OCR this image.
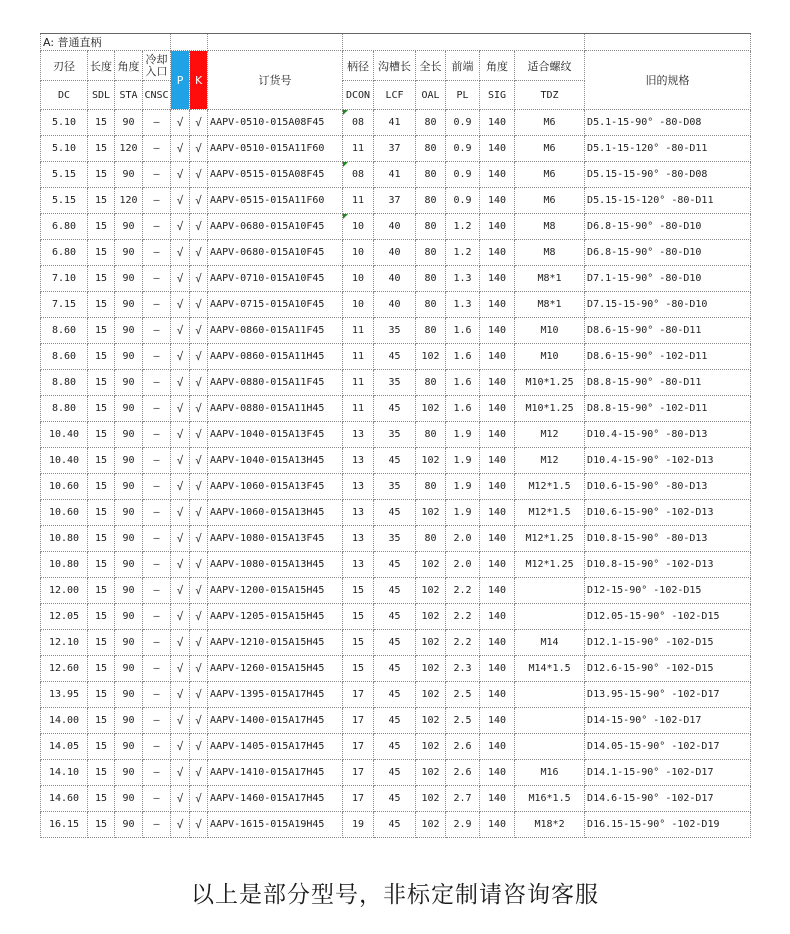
A: 普通直柄													
刃径	长度	角度	冷却入口	P	K	订货号	柄径	沟槽长	全长	前端	角度	适合螺纹	旧的规格
DC	SDL	STA	CNSC				DCON	LCF	OAL	PL	SIG	TDZ	
5.10	15	90	–	√	√	AAPV-0510-015A08F45	08	41	80	0.9	140	M6	D5.1-15-90° -80-D08
5.10	15	120	–	√	√	AAPV-0510-015A11F60	11	37	80	0.9	140	M6	D5.1-15-120° -80-D11
5.15	15	90	–	√	√	AAPV-0515-015A08F45	08	41	80	0.9	140	M6	D5.15-15-90° -80-D08
5.15	15	120	–	√	√	AAPV-0515-015A11F60	11	37	80	0.9	140	M6	D5.15-15-120° -80-D11
6.80	15	90	–	√	√	AAPV-0680-015A10F45	10	40	80	1.2	140	M8	D6.8-15-90° -80-D10
6.80	15	90	–	√	√	AAPV-0680-015A10F45	10	40	80	1.2	140	M8	D6.8-15-90° -80-D10
7.10	15	90	–	√	√	AAPV-0710-015A10F45	10	40	80	1.3	140	M8*1	D7.1-15-90° -80-D10
7.15	15	90	–	√	√	AAPV-0715-015A10F45	10	40	80	1.3	140	M8*1	D7.15-15-90° -80-D10
8.60	15	90	–	√	√	AAPV-0860-015A11F45	11	35	80	1.6	140	M10	D8.6-15-90° -80-D11
8.60	15	90	–	√	√	AAPV-0860-015A11H45	11	45	102	1.6	140	M10	D8.6-15-90° -102-D11
8.80	15	90	–	√	√	AAPV-0880-015A11F45	11	35	80	1.6	140	M10*1.25	D8.8-15-90° -80-D11
8.80	15	90	–	√	√	AAPV-0880-015A11H45	11	45	102	1.6	140	M10*1.25	D8.8-15-90° -102-D11
10.40	15	90	–	√	√	AAPV-1040-015A13F45	13	35	80	1.9	140	M12	D10.4-15-90° -80-D13
10.40	15	90	–	√	√	AAPV-1040-015A13H45	13	45	102	1.9	140	M12	D10.4-15-90° -102-D13
10.60	15	90	–	√	√	AAPV-1060-015A13F45	13	35	80	1.9	140	M12*1.5	D10.6-15-90° -80-D13
10.60	15	90	–	√	√	AAPV-1060-015A13H45	13	45	102	1.9	140	M12*1.5	D10.6-15-90° -102-D13
10.80	15	90	–	√	√	AAPV-1080-015A13F45	13	35	80	2.0	140	M12*1.25	D10.8-15-90° -80-D13
10.80	15	90	–	√	√	AAPV-1080-015A13H45	13	45	102	2.0	140	M12*1.25	D10.8-15-90° -102-D13
12.00	15	90	–	√	√	AAPV-1200-015A15H45	15	45	102	2.2	140		D12-15-90° -102-D15
12.05	15	90	–	√	√	AAPV-1205-015A15H45	15	45	102	2.2	140		D12.05-15-90° -102-D15
12.10	15	90	–	√	√	AAPV-1210-015A15H45	15	45	102	2.2	140	M14	D12.1-15-90° -102-D15
12.60	15	90	–	√	√	AAPV-1260-015A15H45	15	45	102	2.3	140	M14*1.5	D12.6-15-90° -102-D15
13.95	15	90	–	√	√	AAPV-1395-015A17H45	17	45	102	2.5	140		D13.95-15-90° -102-D17
14.00	15	90	–	√	√	AAPV-1400-015A17H45	17	45	102	2.5	140		D14-15-90° -102-D17
14.05	15	90	–	√	√	AAPV-1405-015A17H45	17	45	102	2.6	140		D14.05-15-90° -102-D17
14.10	15	90	–	√	√	AAPV-1410-015A17H45	17	45	102	2.6	140	M16	D14.1-15-90° -102-D17
14.60	15	90	–	√	√	AAPV-1460-015A17H45	17	45	102	2.7	140	M16*1.5	D14.6-15-90° -102-D17
16.15	15	90	–	√	√	AAPV-1615-015A19H45	19	45	102	2.9	140	M18*2	D16.15-15-90° -102-D19
以上是部分型号，非标定制请咨询客服
